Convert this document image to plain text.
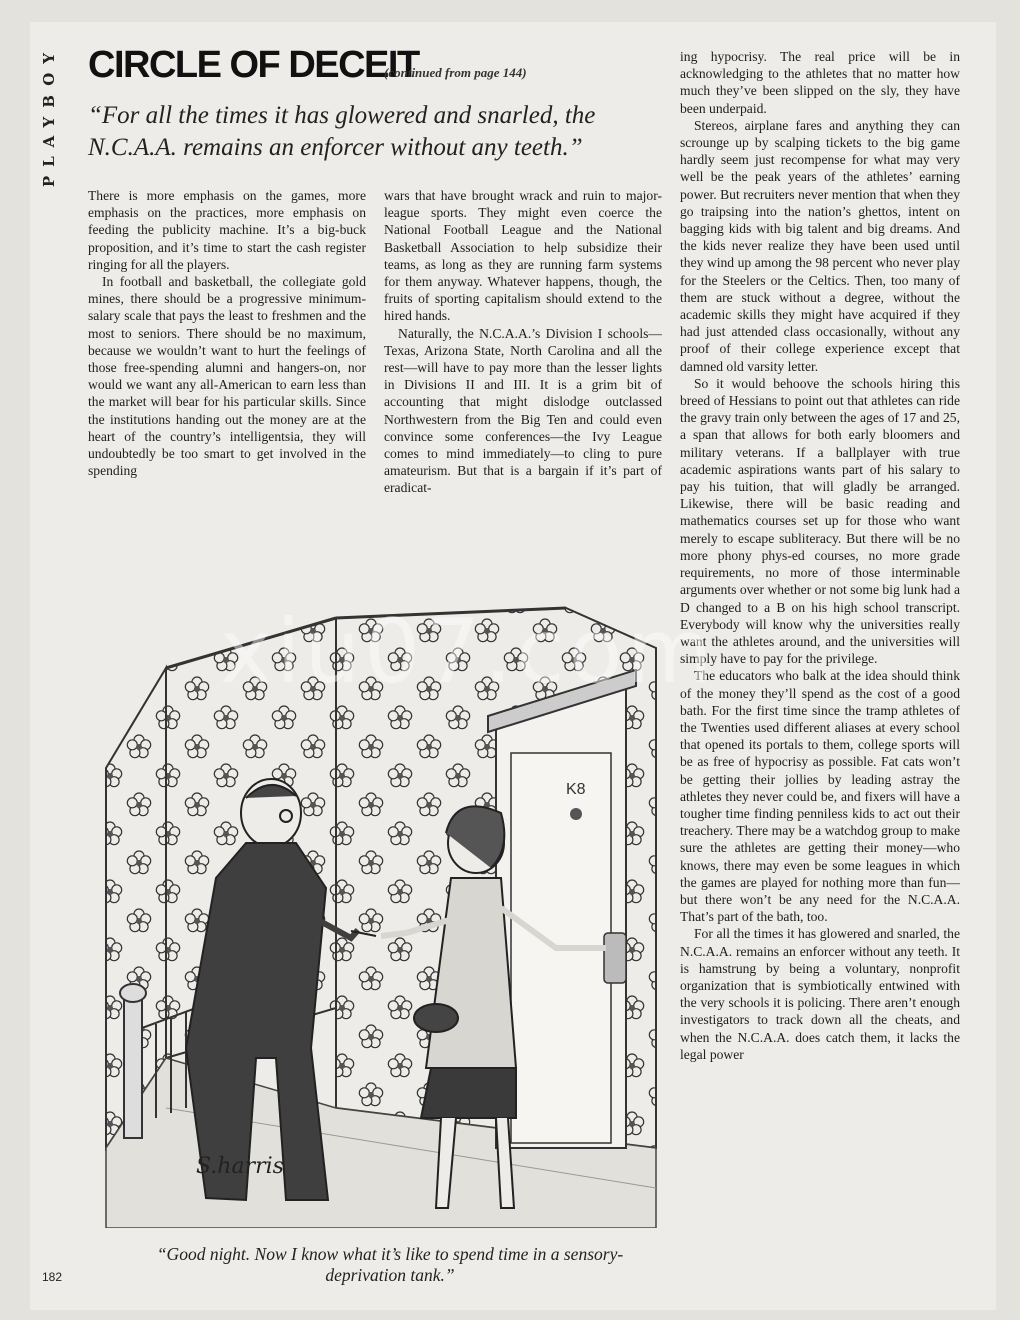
PLAYBOY CIRCLE OF DECEIT
(continued from page 144)
“For all the times it has glowered and snarled, the N.C.A.A. remains an enforcer without any teeth.”

There is more emphasis on the games, more emphasis on the practices, more emphasis on feeding the publicity machine. It’s a big-buck proposition, and it’s time to start the cash register ringing for all the players.

In football and basketball, the collegiate gold mines, there should be a progressive minimum-salary scale that pays the least to freshmen and the most to seniors. There should be no maximum, because we wouldn’t want to hurt the feelings of those free-spending alumni and hangers-on, nor would we want any all-American to earn less than the market will bear for his particular skills. Since the institutions handing out the money are at the heart of the country’s intelligentsia, they will undoubtedly be too smart to get involved in the spending

wars that have brought wrack and ruin to major-league sports. They might even coerce the National Football League and the National Basketball Association to help subsidize their teams, as long as they are running farm systems for them anyway. Whatever happens, though, the fruits of sporting capitalism should extend to the hired hands.

Naturally, the N.C.A.A.’s Division I schools—Texas, Arizona State, North Carolina and all the rest—will have to pay more than the lesser lights in Divisions II and III. It is a grim bit of accounting that might dislodge outclassed Northwestern from the Big Ten and could even convince some conferences—the Ivy League comes to mind immediately—to cling to pure amateurism. But that is a bargain if it’s part of eradicat-

ing hypocrisy. The real price will be in acknowledging to the athletes that no matter how much they’ve been slipped on the sly, they have been underpaid.

Stereos, airplane fares and anything they can scrounge up by scalping tickets to the big game hardly seem just recompense for what may very well be the peak years of the athletes’ earning power. But recruiters never mention that when they go traipsing into the nation’s ghettos, intent on bagging kids with big talent and big dreams. And the kids never realize they have been used until they wind up among the 98 percent who never play for the Steelers or the Celtics. Then, too many of them are stuck without a degree, without the academic skills they might have acquired if they had just attended class occasionally, without any proof of their college experience except that damned old varsity letter.

So it would behoove the schools hiring this breed of Hessians to point out that athletes can ride the gravy train only between the ages of 17 and 25, a span that allows for both early bloomers and military veterans. If a ballplayer with true academic aspirations wants part of his salary to pay his tuition, that will gladly be arranged. Likewise, there will be basic reading and mathematics courses set up for those who want merely to escape subliteracy. But there will be no more phony phys-ed courses, no more grade requirements, no more of those interminable arguments over whether or not some big lunk had a D changed to a B on his high school transcript. Everybody will know why the universities really want the athletes around, and the universities will simply have to pay for the privilege.

The educators who balk at the idea should think of the money they’ll spend as the cost of a good bath. For the first time since the tramp athletes of the Twenties used different aliases at every school that opened its portals to them, college sports will be as free of hypocrisy as possible. Fat cats won’t be getting their jollies by leading astray the athletes they never could be, and fixers will have a tougher time finding penniless kids to act out their treachery. There may be a watchdog group to make sure the athletes are getting their money—who knows, there may even be some leagues in which the games are played for nothing more than fun—but there won’t be any need for the N.C.A.A. That’s part of the bath, too.

For all the times it has glowered and snarled, the N.C.A.A. remains an enforcer without any teeth. It is hamstrung by being a voluntary, nonprofit organization that is symbiotically entwined with the very schools it is policing. There aren’t enough investigators to track down all the cheats, and when the N.C.A.A. does catch them, it lacks the legal power

K8
S.harris
“Good night. Now I know what it’s like to spend time in a sensory-deprivation tank.”
182
xiu07.com
